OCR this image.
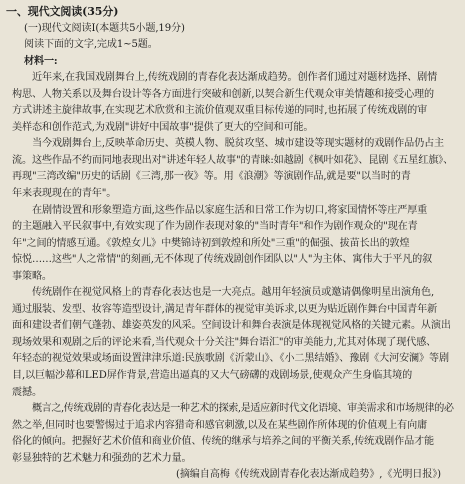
一、现代文阅读(35分)
(一)现代文阅读Ⅰ(本题共5小题,19分)
阅读下面的文字,完成1~5题。
材料一:
近年来,在我国戏剧舞台上,传统戏剧的青春化表达渐成趋势。创作者们通过对题材选择、剧情
构思、人物关系以及舞台设计等各方面进行突破和创新,以契合新生代观众审美情趣和接受心理的
方式讲述主旋律故事,在实现艺术欣赏和主流价值观双重目标传递的同时,也拓展了传统戏剧的审
美样态和创作范式,为戏剧"讲好中国故事"提供了更大的空间和可能。
当今戏剧舞台上,反映革命历史、英模人物、脱贫攻坚、城市建设等现实题材的戏剧作品仍占主
流。这些作品不约而同地表现出对"讲述年轻人故事"的青睐:如越剧《枫叶如花》、昆剧《五星红旗》、
再现"三湾改编"历史的话剧《三湾,那一夜》等。用《浪潮》等演剧作品,就是要"以当时的青
年来表现现在的青年"。
在剧情设置和形象塑造方面,这些作品以家庭生活和日常工作为切口,将家国情怀等庄严厚重
的主题融入平民叙事中,有效实现了作为剧作表现对象的"当时青年"和作为剧作观众的"现在青
年"之间的情感互通。《敦煌女儿》中樊锦诗初到敦煌和所处"三重"的倔强、拔苗长出的敦煌
惊悦……这些"人之常情"的刻画,无不体现了传统戏剧创作团队以"人"为主体、寓伟大于平凡的叙
事策略。
传统剧作在视觉风格上的青春化表达也是一大亮点。越用年轻演员或邀请偶像明星出演角色,
通过服装、发型、妆容等造型设计,满足青年群体的视觉审美诉求,以更为贴近剧作舞台中国青年新
面和建设者们朝气蓬勃、雄姿英发的风采。空间设计和舞台表演是体现视觉风格的关键元素。从演出
现场效果和观剧之后的评论来看,当代观众十分关注"舞台语汇"的审美能力,尤其对体现了现代感、
年轻态的视觉效果或场面设置津津乐道:民族歌剧《沂蒙山》、《小二黑结婚》、豫剧《大河安澜》等剧
目,以巨幅沙幕和LED屏作背景,营造出逼真的又大气磅礴的戏剧场景,使观众产生身临其境的
震撼。
概言之,传统戏剧的青春化表达是一种艺术的探索,是适应新时代文化语境、审美需求和市场规律的必
然之举,但同时也要警惕过于追求内容猎奇和感官刺激,以及在某些剧作所体现的价值观上有向庸
俗化的倾向。把握好艺术价值和商业价值、传统的继承与培养之间的平衡关系,传统戏剧作品才能
彰显独特的艺术魅力和强劲的艺术力量。
(摘编自高梅《传统戏剧青春化表达渐成趋势》,《光明日报》)
